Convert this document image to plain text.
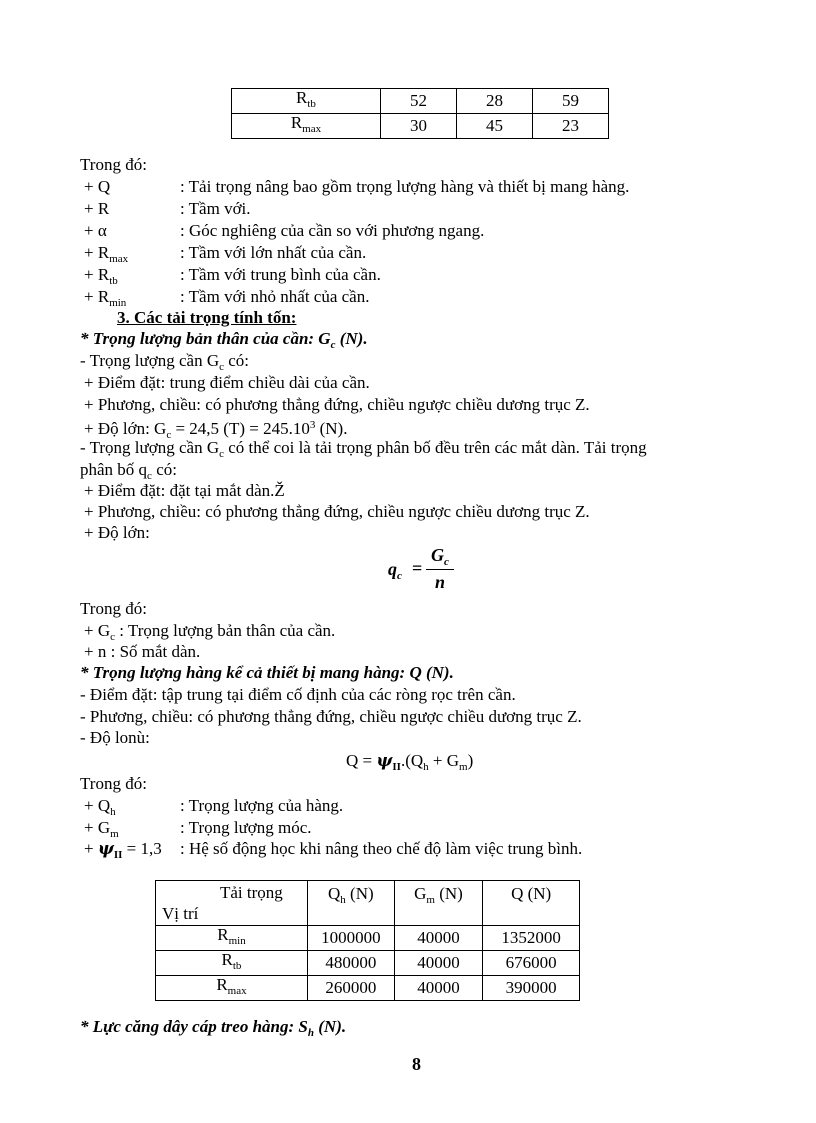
$R_{tb}$	52	28	59
$R_{max}$	30	45	23
Trong đó:
+ Q	: Tải trọng nâng bao gồm trọng lượng hàng và thiết bị mang hàng.
+ R	: Tầm với.
+ α	: Góc nghiêng của cần so với phương ngang.
+ $R_{max}$	: Tầm với lớn nhất của cần.
+ $R_{tb}$	: Tầm với trung bình của cần.
+ $R_{min}$	: Tầm với nhỏ nhất của cần.
3. Các tải trọng tính tốn:
* Trọng lượng bản thân của cần: $G_c$ (N).
- Trọng lượng cần $G_c$ có:
+ Điểm đặt: trung điểm chiều dài của cần.
+ Phương, chiều: có phương thẳng đứng, chiều ngược chiều dương trục Z.
+ Độ lớn: $G_c = 24,5$ $(T) = 245.10^3$ (N).
- Trọng lượng cần $G_c$ có thể coi là tải trọng phân bố đều trên các mắt dàn. Tải trọng
phân bố $q_c$ có:
+ Điểm đặt: đặt tại mắt dàn.Ž
+ Phương, chiều: có phương thẳng đứng, chiều ngược chiều dương trục Z.
+ Độ lớn:
$q_c$ =
$G_c$
n
Trong đó:
+ $G_c$ : Trọng lượng bản thân của cần.
+ n : Số mắt dàn.
* Trọng lượng hàng kể cả thiết bị mang hàng: Q (N).
- Điểm đặt: tập trung tại điểm cố định của các ròng rọc trên cần.
- Phương, chiều: có phương thẳng đứng, chiều ngược chiều dương trục Z.
- Độ lonù:
$Q = \psi_{II}.(Q_h + G_m)$
Trong đó:
+ $Q_h$	: Trọng lượng của hàng.
+ $G_m$	: Trọng lượng móc.
+ $\psi_{II} = 1,3$ : Hệ số động học khi nâng theo chế độ làm việc trung bình.
Tải trọng
Vị trí	$Q_h$ (N)	$G_m$ (N)	Q (N)
$R_{min}$	1000000	40000	1352000
$R_{tb}$	480000	40000	676000
$R_{max}$	260000	40000	390000
* Lực căng dây cáp treo hàng: $S_h$ (N).
8
